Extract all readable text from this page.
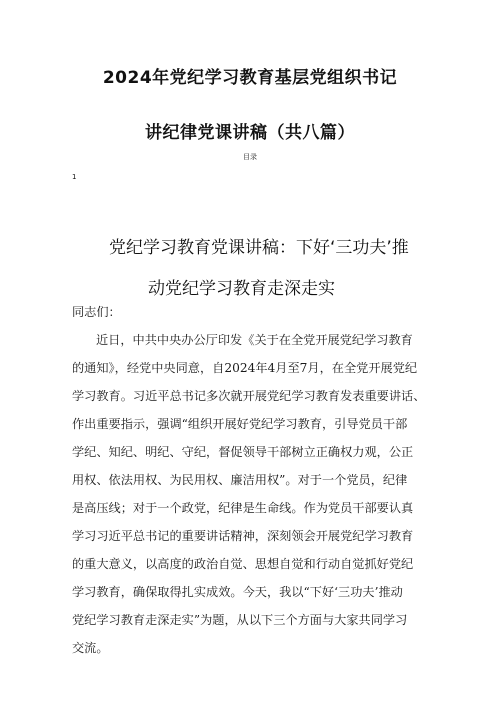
2024年党纪学习教育基层党组织书记
讲纪律党课讲稿（共八篇）
目录
1
党纪学习教育党课讲稿：下好‘三功夫’推
动党纪学习教育走深走实
同志们：
近日，中共中央办公厅印发《关于在全党开展党纪学习教育
的通知》，经党中央同意，自2024年4月至7月，在全党开展党纪
学习教育。习近平总书记多次就开展党纪学习教育发表重要讲话、
作出重要指示，强调“组织开展好党纪学习教育，引导党员干部
学纪、知纪、明纪、守纪，督促领导干部树立正确权力观，公正
用权、依法用权、为民用权、廉洁用权”。对于一个党员，纪律
是高压线；对于一个政党，纪律是生命线。作为党员干部要认真
学习习近平总书记的重要讲话精神，深刻领会开展党纪学习教育
的重大意义，以高度的政治自觉、思想自觉和行动自觉抓好党纪
学习教育，确保取得扎实成效。今天，我以“下好‘三功夫’推动
党纪学习教育走深走实”为题，从以下三个方面与大家共同学习
交流。
